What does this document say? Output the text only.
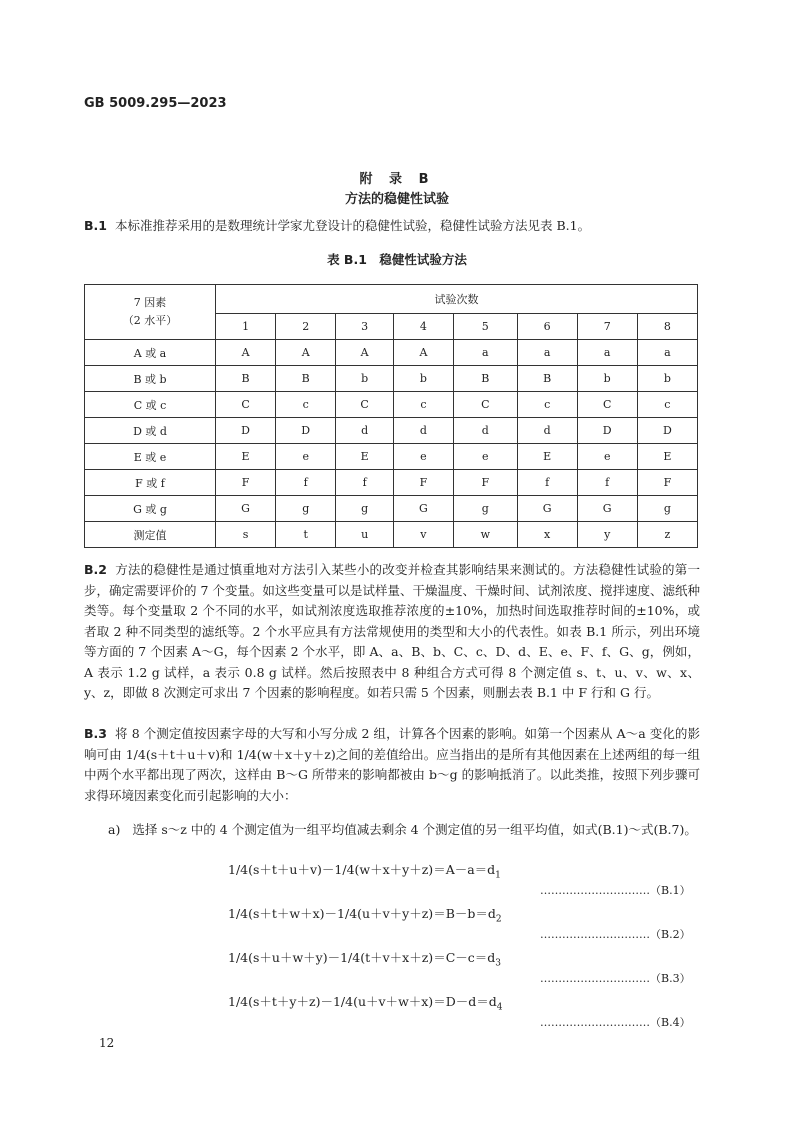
GB 5009.295—2023
附 录 B
方法的稳健性试验
B.1 本标准推荐采用的是数理统计学家尤登设计的稳健性试验，稳健性试验方法见表 B.1。
表 B.1　稳健性试验方法
7 因素
（2 水平）	试验次数							
	1	2	3	4	5	6	7	8
A 或 a	A	A	A	A	a	a	a	a
B 或 b	B	B	b	b	B	B	b	b
C 或 c	C	c	C	c	C	c	C	c
D 或 d	D	D	d	d	d	d	D	D
E 或 e	E	e	E	e	e	E	e	E
F 或 f	F	f	f	F	F	f	f	F
G 或 g	G	g	g	G	g	G	G	g
测定值	s	t	u	v	w	x	y	z
B.2 方法的稳健性是通过慎重地对方法引入某些小的改变并检查其影响结果来测试的。方法稳健性试验的第一步，确定需要评价的 7 个变量。如这些变量可以是试样量、干燥温度、干燥时间、试剂浓度、搅拌速度、滤纸种类等。每个变量取 2 个不同的水平，如试剂浓度选取推荐浓度的±10%，加热时间选取推荐时间的±10%，或者取 2 种不同类型的滤纸等。2 个水平应具有方法常规使用的类型和大小的代表性。如表 B.1 所示，列出环境等方面的 7 个因素 A～G，每个因素 2 个水平，即 A、a、B、b、C、c、D、d、E、e、F、f、G、g，例如，A 表示 1.2 g 试样，a 表示 0.8 g 试样。然后按照表中 8 种组合方式可得 8 个测定值 s、t、u、v、w、x、y、z，即做 8 次测定可求出 7 个因素的影响程度。如若只需 5 个因素，则删去表 B.1 中 F 行和 G 行。
B.3 将 8 个测定值按因素字母的大写和小写分成 2 组，计算各个因素的影响。如第一个因素从 A～a 变化的影响可由 1/4(s＋t＋u＋v)和 1/4(w＋x＋y＋z)之间的差值给出。应当指出的是所有其他因素在上述两组的每一组中两个水平都出现了两次，这样由 B～G 所带来的影响都被由 b～g 的影响抵消了。以此类推，按照下列步骤可求得环境因素变化而引起影响的大小：
a) 选择 s～z 中的 4 个测定值为一组平均值减去剩余 4 个测定值的另一组平均值，如式(B.1)～式(B.7)。
$1/4(s+t+u+v)-1/4(w+x+y+z)=A-a=d_1$
…………………………（B.1）
$1/4(s+t+w+x)-1/4(u+v+y+z)=B-b=d_2$
…………………………（B.2）
$1/4(s+u+w+y)-1/4(t+v+x+z)=C-c=d_3$
…………………………（B.3）
$1/4(s+t+y+z)-1/4(u+v+w+x)=D-d=d_4$
…………………………（B.4）
12
